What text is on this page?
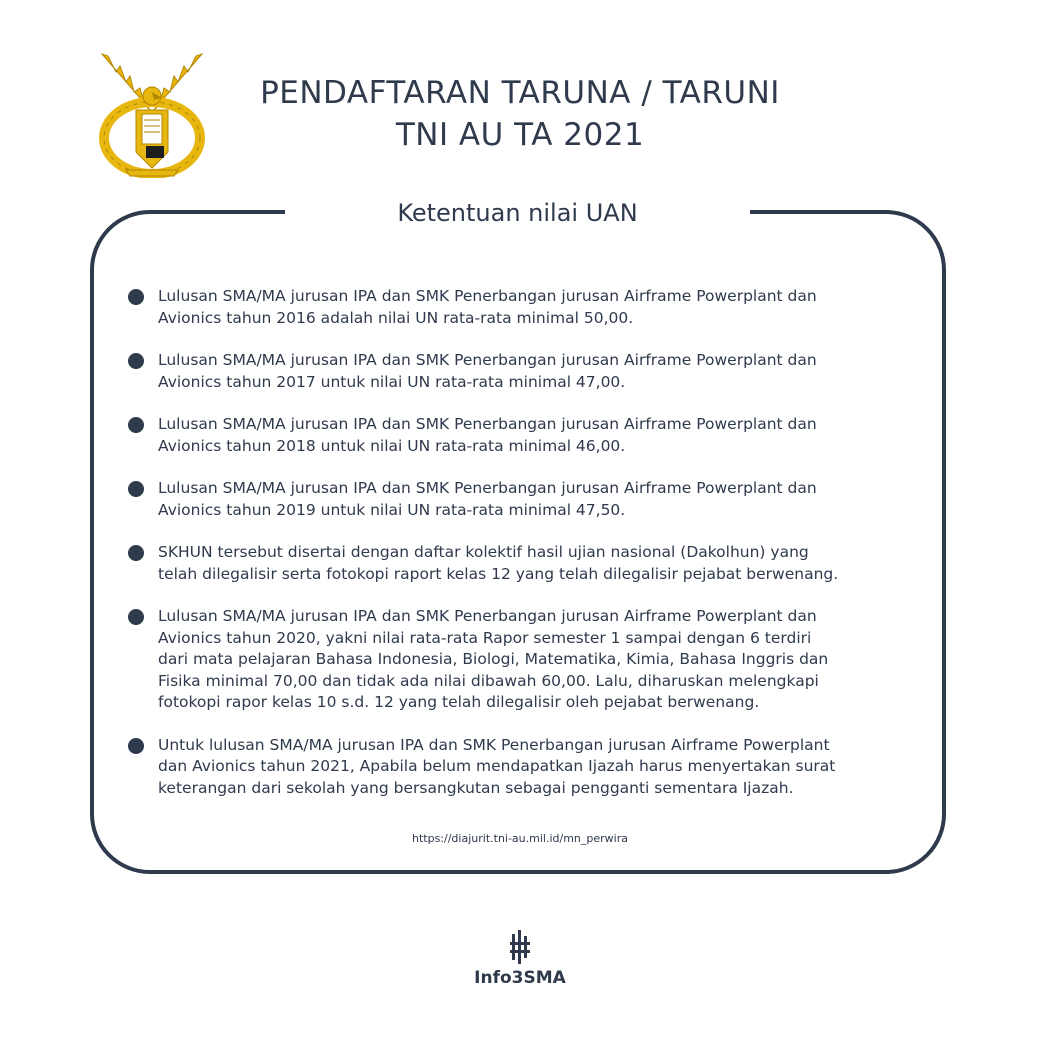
PENDAFTARAN TARUNA / TARUNI
TNI AU TA 2021
Ketentuan nilai UAN
Lulusan SMA/MA jurusan IPA dan SMK Penerbangan jurusan Airframe Powerplant dan
Avionics tahun 2016 adalah nilai UN rata-rata minimal 50,00.
Lulusan SMA/MA jurusan IPA dan SMK Penerbangan jurusan Airframe Powerplant dan
Avionics tahun 2017 untuk nilai UN rata-rata minimal 47,00.
Lulusan SMA/MA jurusan IPA dan SMK Penerbangan jurusan Airframe Powerplant dan
Avionics tahun 2018 untuk nilai UN rata-rata minimal 46,00.
Lulusan SMA/MA jurusan IPA dan SMK Penerbangan jurusan Airframe Powerplant dan
Avionics tahun 2019 untuk nilai UN rata-rata minimal 47,50.
SKHUN tersebut disertai dengan daftar kolektif hasil ujian nasional (Dakolhun) yang
telah dilegalisir serta fotokopi raport kelas 12 yang telah dilegalisir pejabat berwenang.
Lulusan SMA/MA jurusan IPA dan SMK Penerbangan jurusan Airframe Powerplant dan
Avionics tahun 2020, yakni nilai rata-rata Rapor semester 1 sampai dengan 6 terdiri
dari mata pelajaran Bahasa Indonesia, Biologi, Matematika, Kimia, Bahasa Inggris dan
Fisika minimal 70,00 dan tidak ada nilai dibawah 60,00. Lalu, diharuskan melengkapi
fotokopi rapor kelas 10 s.d. 12 yang telah dilegalisir oleh pejabat berwenang.
Untuk lulusan SMA/MA jurusan IPA dan SMK Penerbangan jurusan Airframe Powerplant
dan Avionics tahun 2021, Apabila belum mendapatkan Ijazah harus menyertakan surat
keterangan dari sekolah yang bersangkutan sebagai pengganti sementara Ijazah.
https://diajurit.tni-au.mil.id/mn_perwira
Info3SMA
